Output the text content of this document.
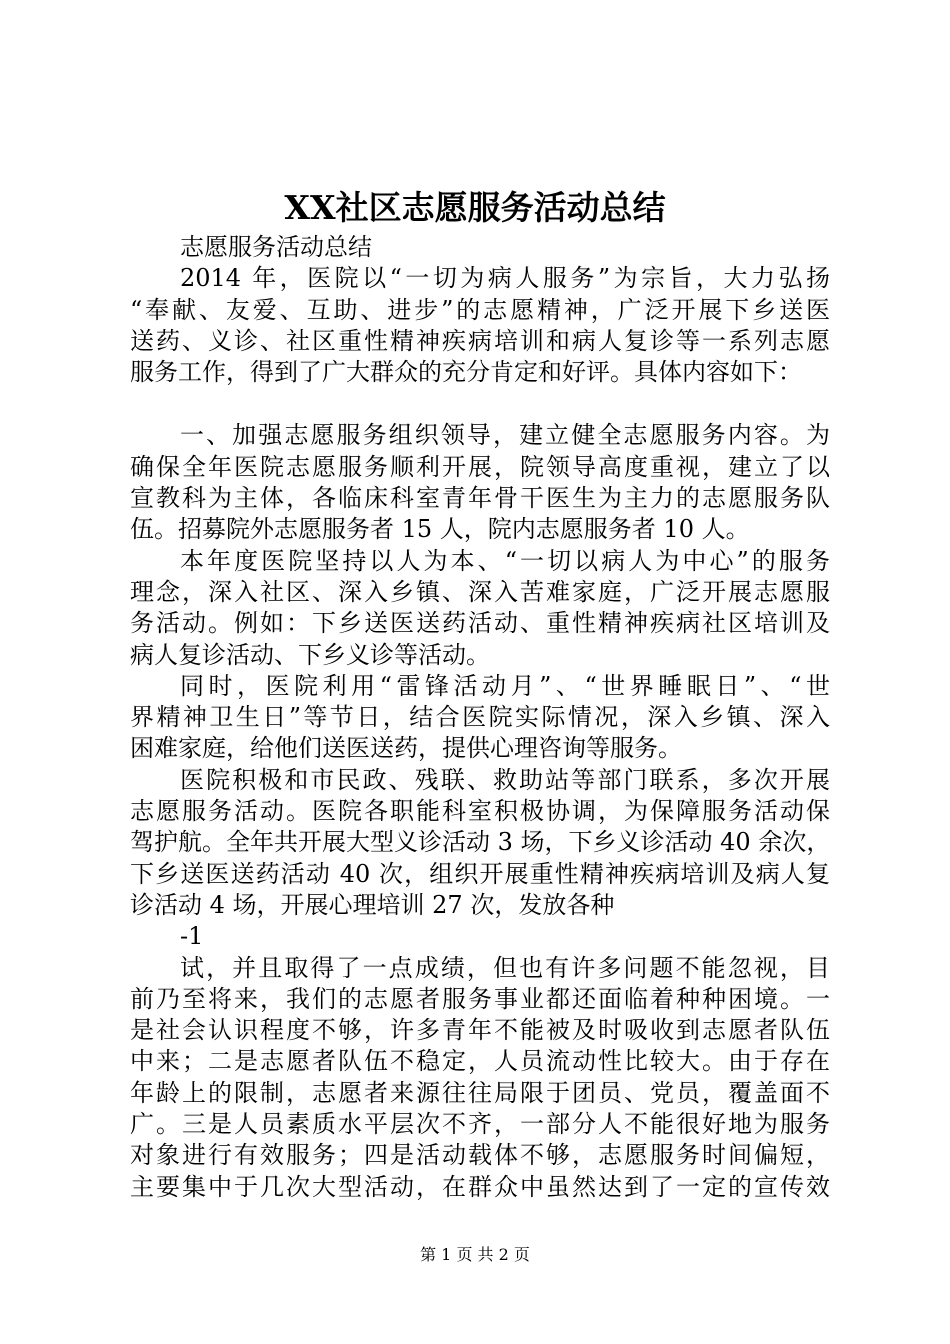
XX社区志愿服务活动总结
志愿服务活动总结
2014 年，医院以“一切为病人服务”为宗旨，大力弘扬
“奉献、友爱、互助、进步”的志愿精神，广泛开展下乡送医
送药、义诊、社区重性精神疾病培训和病人复诊等一系列志愿
服务工作，得到了广大群众的充分肯定和好评。具体内容如下：
一、加强志愿服务组织领导，建立健全志愿服务内容。为
确保全年医院志愿服务顺利开展，院领导高度重视，建立了以
宣教科为主体，各临床科室青年骨干医生为主力的志愿服务队
伍。招募院外志愿服务者 15 人，院内志愿服务者 10 人。
本年度医院坚持以人为本、“一切以病人为中心”的服务
理念，深入社区、深入乡镇、深入苦难家庭，广泛开展志愿服
务活动。例如：下乡送医送药活动、重性精神疾病社区培训及
病人复诊活动、下乡义诊等活动。
同时，医院利用“雷锋活动月”、“世界睡眠日”、“世
界精神卫生日”等节日，结合医院实际情况，深入乡镇、深入
困难家庭，给他们送医送药，提供心理咨询等服务。
医院积极和市民政、残联、救助站等部门联系，多次开展
志愿服务活动。医院各职能科室积极协调，为保障服务活动保
驾护航。全年共开展大型义诊活动 3 场，下乡义诊活动 40 余次，
下乡送医送药活动 40 次，组织开展重性精神疾病培训及病人复
诊活动 4 场，开展心理培训 27 次，发放各种
-1
试，并且取得了一点成绩，但也有许多问题不能忽视，目
前乃至将来，我们的志愿者服务事业都还面临着种种困境。一
是社会认识程度不够，许多青年不能被及时吸收到志愿者队伍
中来；二是志愿者队伍不稳定，人员流动性比较大。由于存在
年龄上的限制，志愿者来源往往局限于团员、党员，覆盖面不
广。三是人员素质水平层次不齐，一部分人不能很好地为服务
对象进行有效服务；四是活动载体不够，志愿服务时间偏短，
主要集中于几次大型活动，在群众中虽然达到了一定的宣传效
第 1 页 共 2 页
